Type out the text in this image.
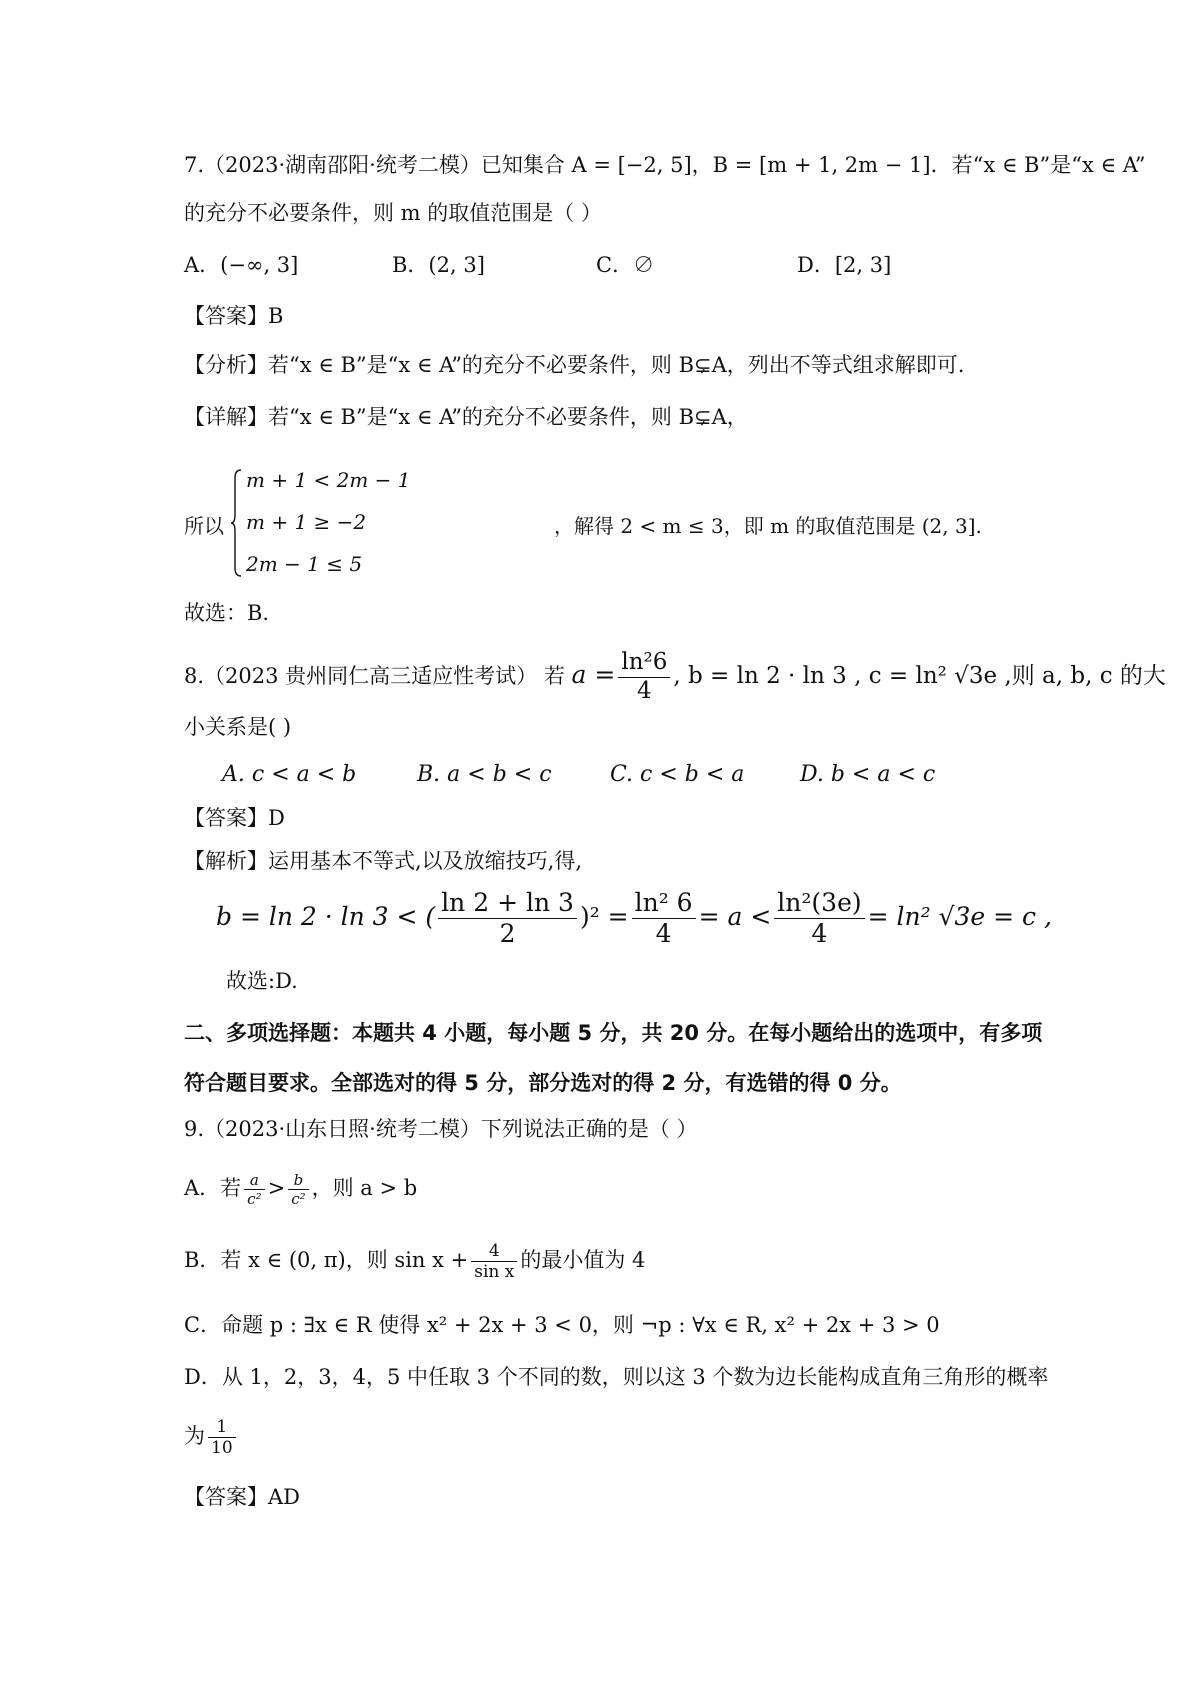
7.（2023·湖南邵阳·统考二模）已知集合 A = [−2, 5]，B = [m + 1, 2m − 1]．若“x ∈ B”是“x ∈ A”
的充分不必要条件，则 m 的取值范围是（ ）
A．(−∞, 3]	B．(2, 3]	C．∅	D．[2, 3]
【答案】B
【分析】若“x ∈ B”是“x ∈ A”的充分不必要条件，则 B⊊A，列出不等式组求解即可.
【详解】若“x ∈ B”是“x ∈ A”的充分不必要条件，则 B⊊A，
所以
m + 1 < 2m − 1
m + 1 ≥ −2
2m − 1 ≤ 5
，解得 2 < m ≤ 3，即 m 的取值范围是 (2, 3].
故选：B.
8.（2023 贵州同仁高三适应性考试） 若 $a = \frac{\text{ln²6}}{4}$ , b = ln 2 · ln 3 , c = ln² √3e ,则 a, b, c 的大
小关系是( )
A. c < a < b	B. a < b < c	C. c < b < a	D. b < a < c
【答案】D
【解析】运用基本不等式,以及放缩技巧,得,
b = ln 2 · ln 3 < ( $\frac{\ln 2 + \ln 3}{2} )^2 = \frac{\text{ln² 6}}{4} = a < \frac{\text{ln²(3e)}}{4} = \ln^2$ √3e = c ,
故选:D.
二、多项选择题：本题共 4 小题，每小题 5 分，共 20 分。在每小题给出的选项中，有多项
符合题目要求。全部选对的得 5 分，部分选对的得 2 分，有选错的得 0 分。
9.（2023·山东日照·统考二模）下列说法正确的是（ ）
A．若 $\frac{a}{\text{c²}} > \frac{b}{\text{c²}}$ ，则 a > b
B．若 x ∈ (0, π)，则 $\sin x + \frac{4}{\text{sin x}}$ 的最小值为 4
C．命题 p : ∃x ∈ R 使得 x² + 2x + 3 < 0，则 ¬p : ∀x ∈ R, x² + 2x + 3 > 0
D．从 1，2，3，4，5 中任取 3 个不同的数，则以这 3 个数为边长能构成直角三角形的概率
为 $\frac{1}{10}$
【答案】AD
